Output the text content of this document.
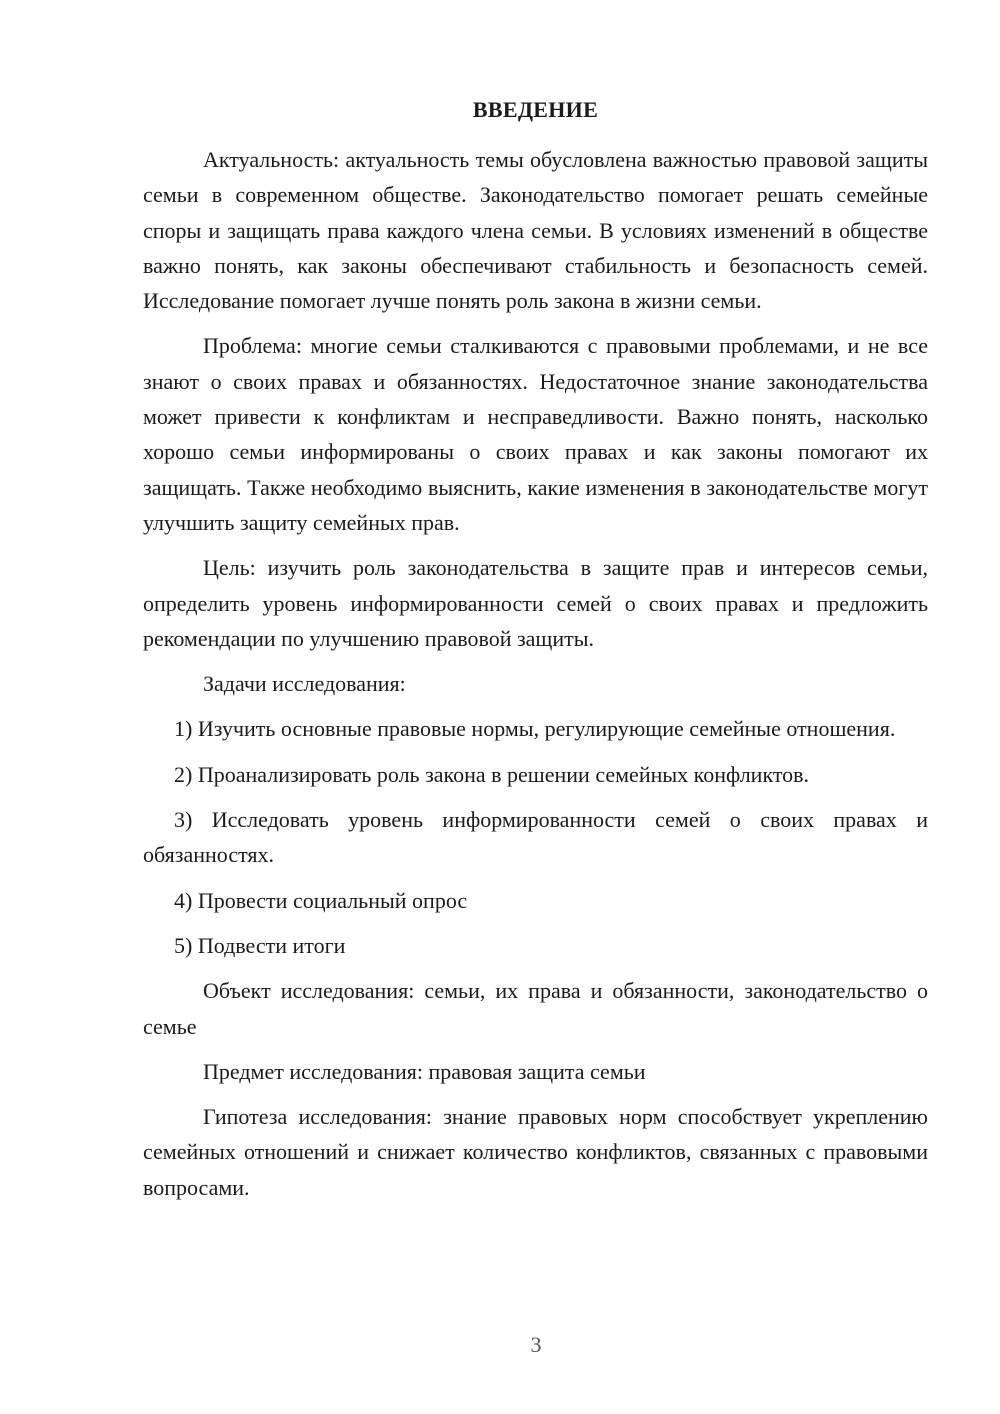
ВВЕДЕНИЕ

Актуальность: актуальность темы обусловлена важностью правовой защиты семьи в современном обществе. Законодательство помогает решать семейные споры и защищать права каждого члена семьи. В условиях изменений в обществе важно понять, как законы обеспечивают стабильность и безопасность семей. Исследование помогает лучше понять роль закона в жизни семьи.

Проблема: многие семьи сталкиваются с правовыми проблемами, и не все знают о своих правах и обязанностях. Недостаточное знание законодательства может привести к конфликтам и несправедливости. Важно понять, насколько хорошо семьи информированы о своих правах и как законы помогают их защищать. Также необходимо выяснить, какие изменения в законодательстве могут улучшить защиту семейных прав.

Цель: изучить роль законодательства в защите прав и интересов семьи, определить уровень информированности семей о своих правах и предложить рекомендации по улучшению правовой защиты.

Задачи исследования:

1) Изучить основные правовые нормы, регулирующие семейные отношения.

2) Проанализировать роль закона в решении семейных конфликтов.

3) Исследовать уровень информированности семей о своих правах и обязанностях.

4) Провести социальный опрос

5) Подвести итоги

Объект исследования: семьи, их права и обязанности, законодательство о семье

Предмет исследования: правовая защита семьи

Гипотеза исследования: знание правовых норм способствует укреплению семейных отношений и снижает количество конфликтов, связанных с правовыми вопросами.

3
